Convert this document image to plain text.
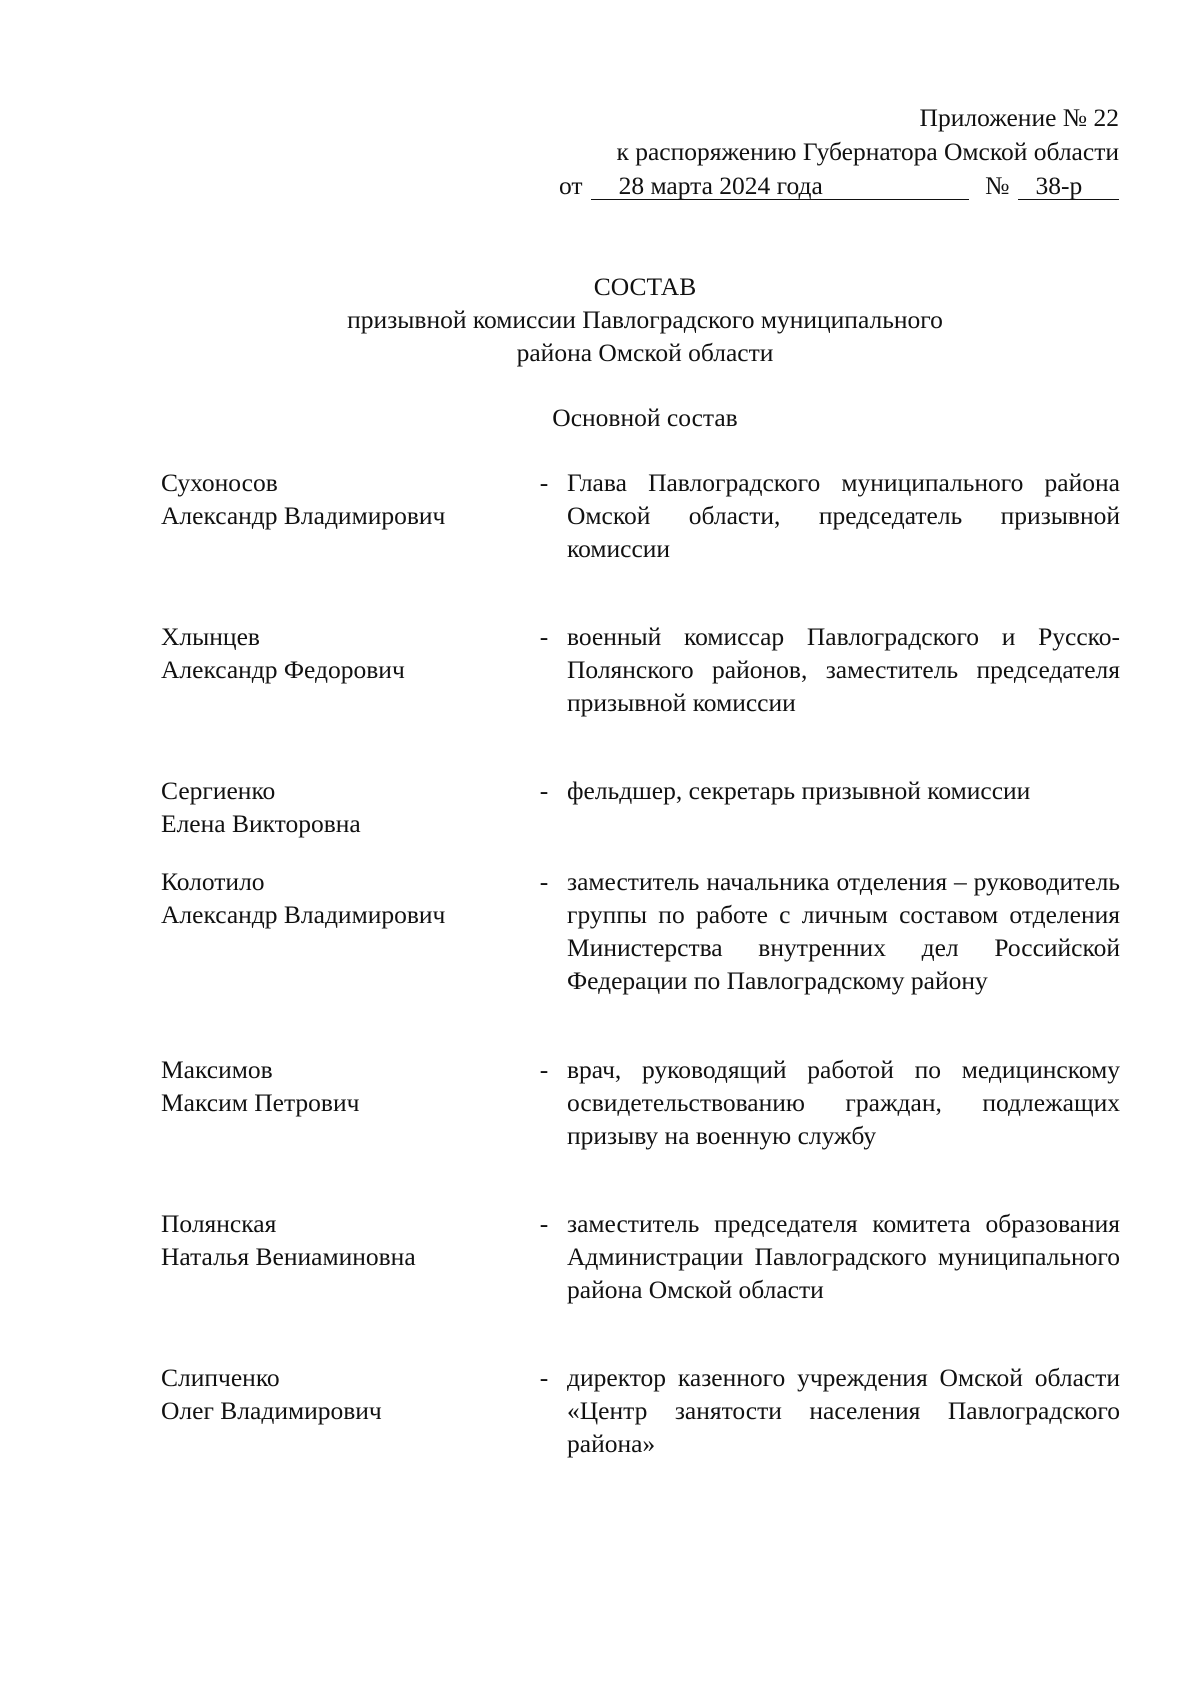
Приложение № 22
к распоряжению Губернатора Омской области
от	28 марта 2024 года	№	38-р
СОСТАВ
призывной комиссии Павлоградского муниципального
района Омской области
Основной состав
Сухоносов
Александр Владимирович
- Глава Павлоградского муниципального района Омской области, председатель призывной комиссии
Хлынцев
Александр Федорович
- военный комиссар Павлоградского и Русско-Полянского районов, заместитель председателя призывной комиссии
Сергиенко
Елена Викторовна
- фельдшер, секретарь призывной комиссии
Колотило
Александр Владимирович
- заместитель начальника отделения – руководитель группы по работе с личным составом отделения Министерства внутренних дел Российской Федерации по Павлоградскому району
Максимов
Максим Петрович
- врач, руководящий работой по медицинскому освидетельствованию граждан, подлежащих призыву на военную службу
Полянская
Наталья Вениаминовна
- заместитель председателя комитета образования Администрации Павлоградского муниципального района Омской области
Слипченко
Олег Владимирович
- директор казенного учреждения Омской области «Центр занятости населения Павлоградского района»
